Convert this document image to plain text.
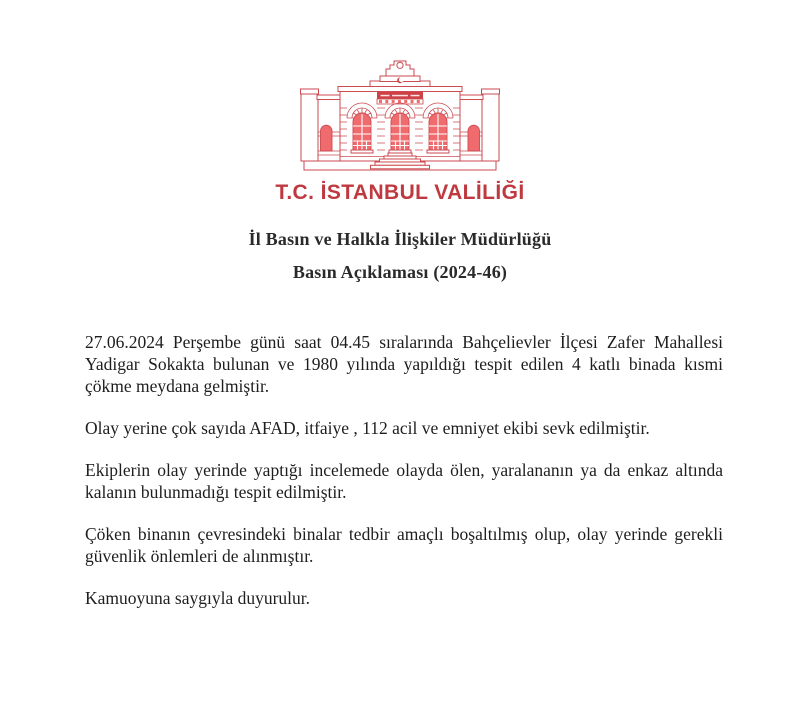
T.C. İSTANBUL VALİLİĞİ
İl Basın ve Halkla İlişkiler Müdürlüğü
Basın Açıklaması (2024-46)

27.06.2024 Perşembe günü saat 04.45 sıralarında Bahçelievler İlçesi Zafer Mahallesi Yadigar Sokakta bulunan ve 1980 yılında yapıldığı tespit edilen 4 katlı binada kısmi çökme meydana gelmiştir.

Olay yerine çok sayıda AFAD, itfaiye , 112 acil ve emniyet ekibi sevk edilmiştir.

Ekiplerin olay yerinde yaptığı incelemede olayda ölen, yaralananın ya da enkaz altında kalanın bulunmadığı tespit edilmiştir.

Çöken binanın çevresindeki binalar tedbir amaçlı boşaltılmış olup, olay yerinde gerekli güvenlik önlemleri de alınmıştır.

Kamuoyuna saygıyla duyurulur.
